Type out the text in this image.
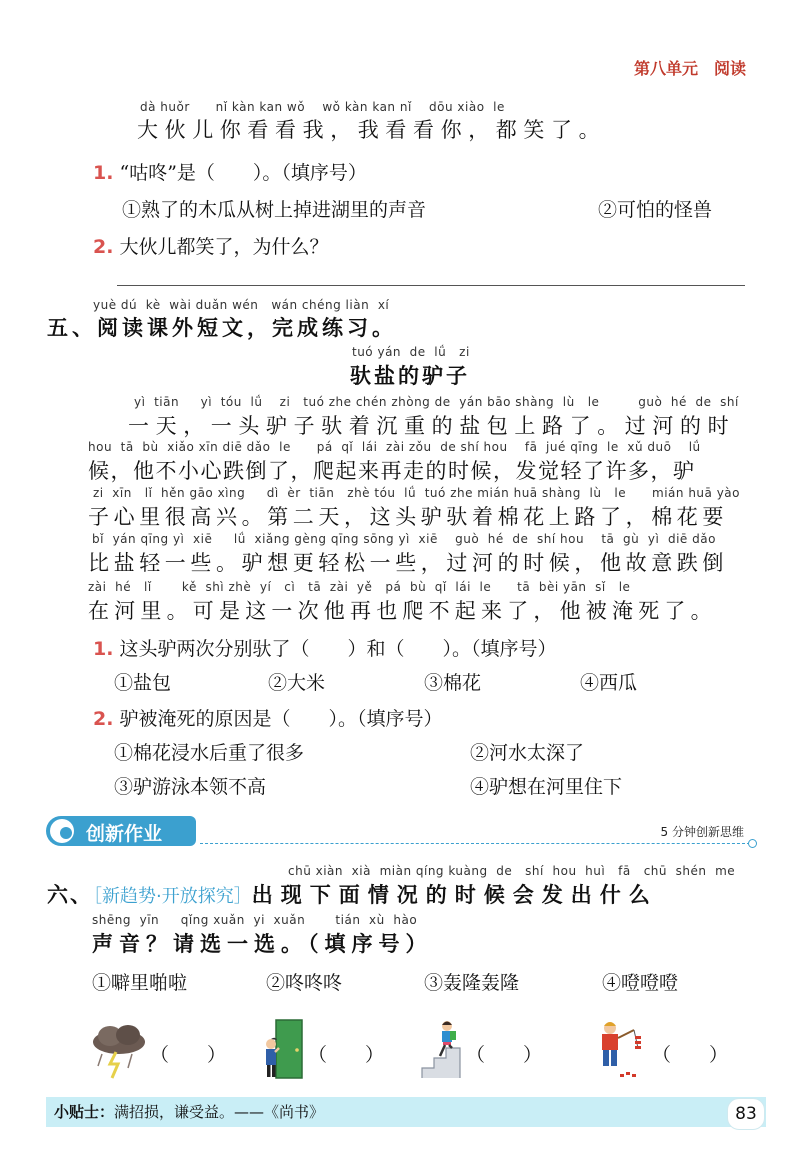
第八单元　阅读
dà huǒr      nǐ kàn kan wǒ    wǒ kàn kan nǐ    dōu xiào  le
大伙儿你看看我，我看看你，都笑了。
1. “咕咚”是（　　）。（填序号）
①熟了的木瓜从树上掉进湖里的声音	②可怕的怪兽
2. 大伙儿都笑了，为什么？
yuè dú  kè  wài duǎn wén   wán chéng liàn  xí
五、阅读课外短文，完成练习。
tuó yán  de  lǘ   zi
驮盐的驴子
yì  tiān     yì  tóu  lǘ    zi   tuó zhe chén zhòng de  yán bāo shàng  lù   le         guò  hé  de  shí
一天，一头驴子驮着沉重的盐包上路了。过河的时
hou  tā  bù  xiǎo xīn diē dǎo  le      pá  qǐ  lái  zài zǒu  de shí hou    fā  jué qīng  le  xǔ duō    lǘ
候，他不小心跌倒了，爬起来再走的时候，发觉轻了许多，驴
zi  xīn   lǐ  hěn gāo xìng     dì  èr  tiān   zhè tóu  lǘ  tuó zhe mián huā shàng  lù   le      mián huā yào
子心里很高兴。第二天，这头驴驮着棉花上路了，棉花要
bǐ  yán qīng yì  xiē     lǘ  xiǎng gèng qīng sōng yì  xiē    guò  hé  de  shí hou    tā  gù  yì  diē dǎo
比盐轻一些。驴想更轻松一些，过河的时候，他故意跌倒
zài  hé   lǐ       kě  shì zhè  yí   cì   tā  zài  yě   pá  bù  qǐ  lái  le      tā  bèi yān  sǐ   le
在河里。可是这一次他再也爬不起来了，他被淹死了。
1. 这头驴两次分别驮了（　　）和（　　）。（填序号）
①盐包	②大米	③棉花	④西瓜
2. 驴被淹死的原因是（　　）。（填序号）
①棉花浸水后重了很多	②河水太深了
③驴游泳本领不高	④驴想在河里住下
创新作业	5 分钟创新思维
chū xiàn  xià  miàn qíng kuàng  de   shí  hou  huì   fā   chū  shén  me
六、［新趋势·开放探究］出现下面情况的时候会发出什么
shēng  yīn     qǐng xuǎn  yi  xuǎn       tián  xù  hào
声音？请选一选。（填序号）
①噼里啪啦	②咚咚咚	③轰隆轰隆	④噔噔噔
（　　）	（　　）	（　　）	（　　）
小贴士：满招损，谦受益。——《尚书》	83
